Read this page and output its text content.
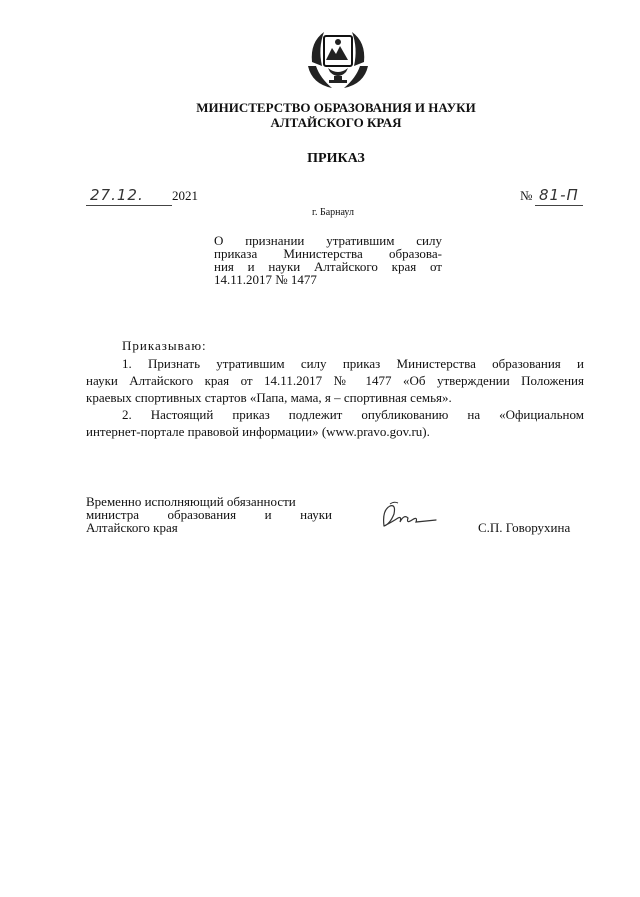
МИНИСТЕРСТВО ОБРАЗОВАНИЯ И НАУКИ
АЛТАЙСКОГО КРАЯ
ПРИКАЗ
27.12. 2021	№ 81-П
г. Барнаул
О признании утратившим силу
приказа Министерства образова-
ния и науки Алтайского края от
14.11.2017 № 1477
Приказываю:
1. Признать утратившим силу приказ Министерства образования и
науки Алтайского края от 14.11.2017 № 1477 «Об утверждении Положения
краевых спортивных стартов «Папа, мама, я – спортивная семья».
2. Настоящий приказ подлежит опубликованию на «Официальном
интернет-портале правовой информации» (www.pravo.gov.ru).
Временно исполняющий обязанности
министра образования и науки
Алтайского края	С.П. Говорухина
